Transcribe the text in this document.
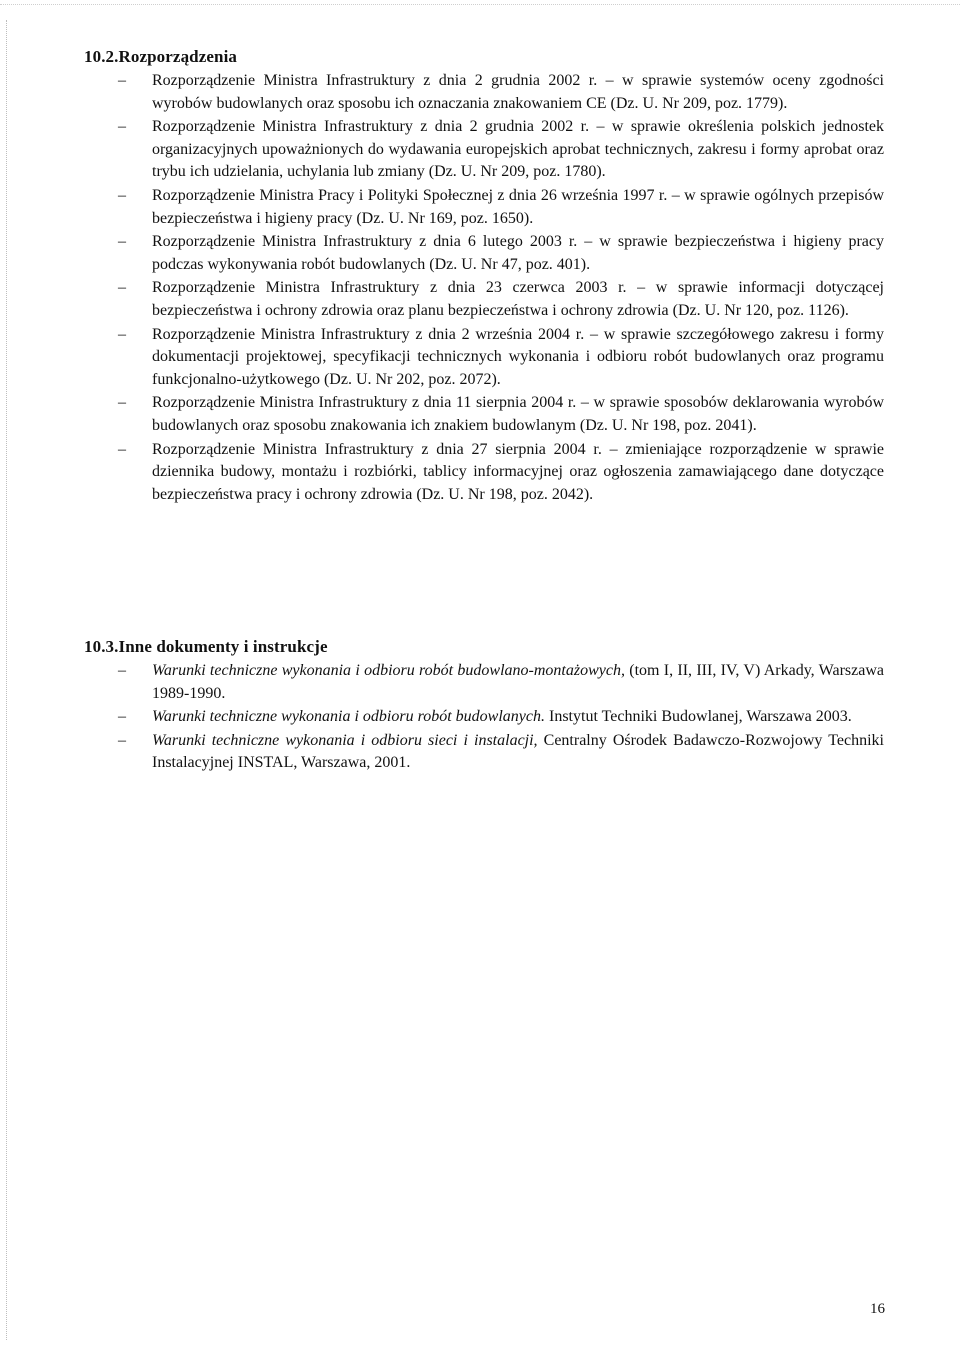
10.2.Rozporządzenia
– Rozporządzenie Ministra Infrastruktury z dnia 2 grudnia 2002 r. – w sprawie systemów oceny zgodności wyrobów budowlanych oraz sposobu ich oznaczania znakowaniem CE (Dz. U. Nr 209, poz. 1779).
– Rozporządzenie Ministra Infrastruktury z dnia 2 grudnia 2002 r. – w sprawie określenia polskich jednostek organizacyjnych upoważnionych do wydawania europejskich aprobat technicznych, zakresu i formy aprobat oraz trybu ich udzielania, uchylania lub zmiany (Dz. U. Nr 209, poz. 1780).
– Rozporządzenie Ministra Pracy i Polityki Społecznej z dnia 26 września 1997 r. – w sprawie ogólnych przepisów bezpieczeństwa i higieny pracy (Dz. U. Nr 169, poz. 1650).
– Rozporządzenie Ministra Infrastruktury z dnia 6 lutego 2003 r. – w sprawie bezpieczeństwa i higieny pracy podczas wykonywania robót budowlanych (Dz. U. Nr 47, poz. 401).
– Rozporządzenie Ministra Infrastruktury z dnia 23 czerwca 2003 r. – w sprawie informacji dotyczącej bezpieczeństwa i ochrony zdrowia oraz planu bezpieczeństwa i ochrony zdrowia (Dz. U. Nr 120, poz. 1126).
– Rozporządzenie Ministra Infrastruktury z dnia 2 września 2004 r. – w sprawie szczegółowego zakresu i formy dokumentacji projektowej, specyfikacji technicznych wykonania i odbioru robót budowlanych oraz programu funkcjonalno-użytkowego (Dz. U. Nr 202, poz. 2072).
– Rozporządzenie Ministra Infrastruktury z dnia 11 sierpnia 2004 r. – w sprawie sposobów deklarowania wyrobów budowlanych oraz sposobu znakowania ich znakiem budowlanym (Dz. U. Nr 198, poz. 2041).
– Rozporządzenie Ministra Infrastruktury z dnia 27 sierpnia 2004 r. – zmieniające rozporządzenie w sprawie dziennika budowy, montażu i rozbiórki, tablicy informacyjnej oraz ogłoszenia zamawiającego dane dotyczące bezpieczeństwa pracy i ochrony zdrowia (Dz. U. Nr 198, poz. 2042).
10.3.Inne dokumenty i instrukcje
– Warunki techniczne wykonania i odbioru robót budowlano-montażowych, (tom I, II, III, IV, V) Arkady, Warszawa 1989-1990.
– Warunki techniczne wykonania i odbioru robót budowlanych. Instytut Techniki Budowlanej, Warszawa 2003.
– Warunki techniczne wykonania i odbioru sieci i instalacji, Centralny Ośrodek Badawczo-Rozwojowy Techniki Instalacyjnej INSTAL, Warszawa, 2001.
16
